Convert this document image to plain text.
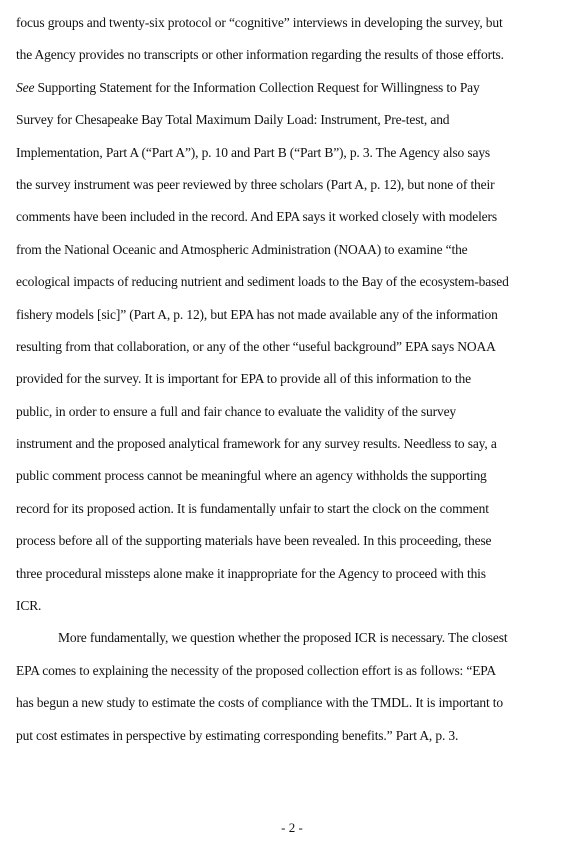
focus groups and twenty-six protocol or “cognitive” interviews in developing the survey, but
the Agency provides no transcripts or other information regarding the results of those efforts.
See Supporting Statement for the Information Collection Request for Willingness to Pay
Survey for Chesapeake Bay Total Maximum Daily Load: Instrument, Pre-test, and
Implementation, Part A (“Part A”), p. 10 and Part B (“Part B”), p. 3. The Agency also says
the survey instrument was peer reviewed by three scholars (Part A, p. 12), but none of their
comments have been included in the record. And EPA says it worked closely with modelers
from the National Oceanic and Atmospheric Administration (NOAA) to examine “the
ecological impacts of reducing nutrient and sediment loads to the Bay of the ecosystem-based
fishery models [sic]” (Part A, p. 12), but EPA has not made available any of the information
resulting from that collaboration, or any of the other “useful background” EPA says NOAA
provided for the survey. It is important for EPA to provide all of this information to the
public, in order to ensure a full and fair chance to evaluate the validity of the survey
instrument and the proposed analytical framework for any survey results. Needless to say, a
public comment process cannot be meaningful where an agency withholds the supporting
record for its proposed action. It is fundamentally unfair to start the clock on the comment
process before all of the supporting materials have been revealed. In this proceeding, these
three procedural missteps alone make it inappropriate for the Agency to proceed with this
ICR.
More fundamentally, we question whether the proposed ICR is necessary. The closest
EPA comes to explaining the necessity of the proposed collection effort is as follows: “EPA
has begun a new study to estimate the costs of compliance with the TMDL. It is important to
put cost estimates in perspective by estimating corresponding benefits.” Part A, p. 3.
- 2 -
